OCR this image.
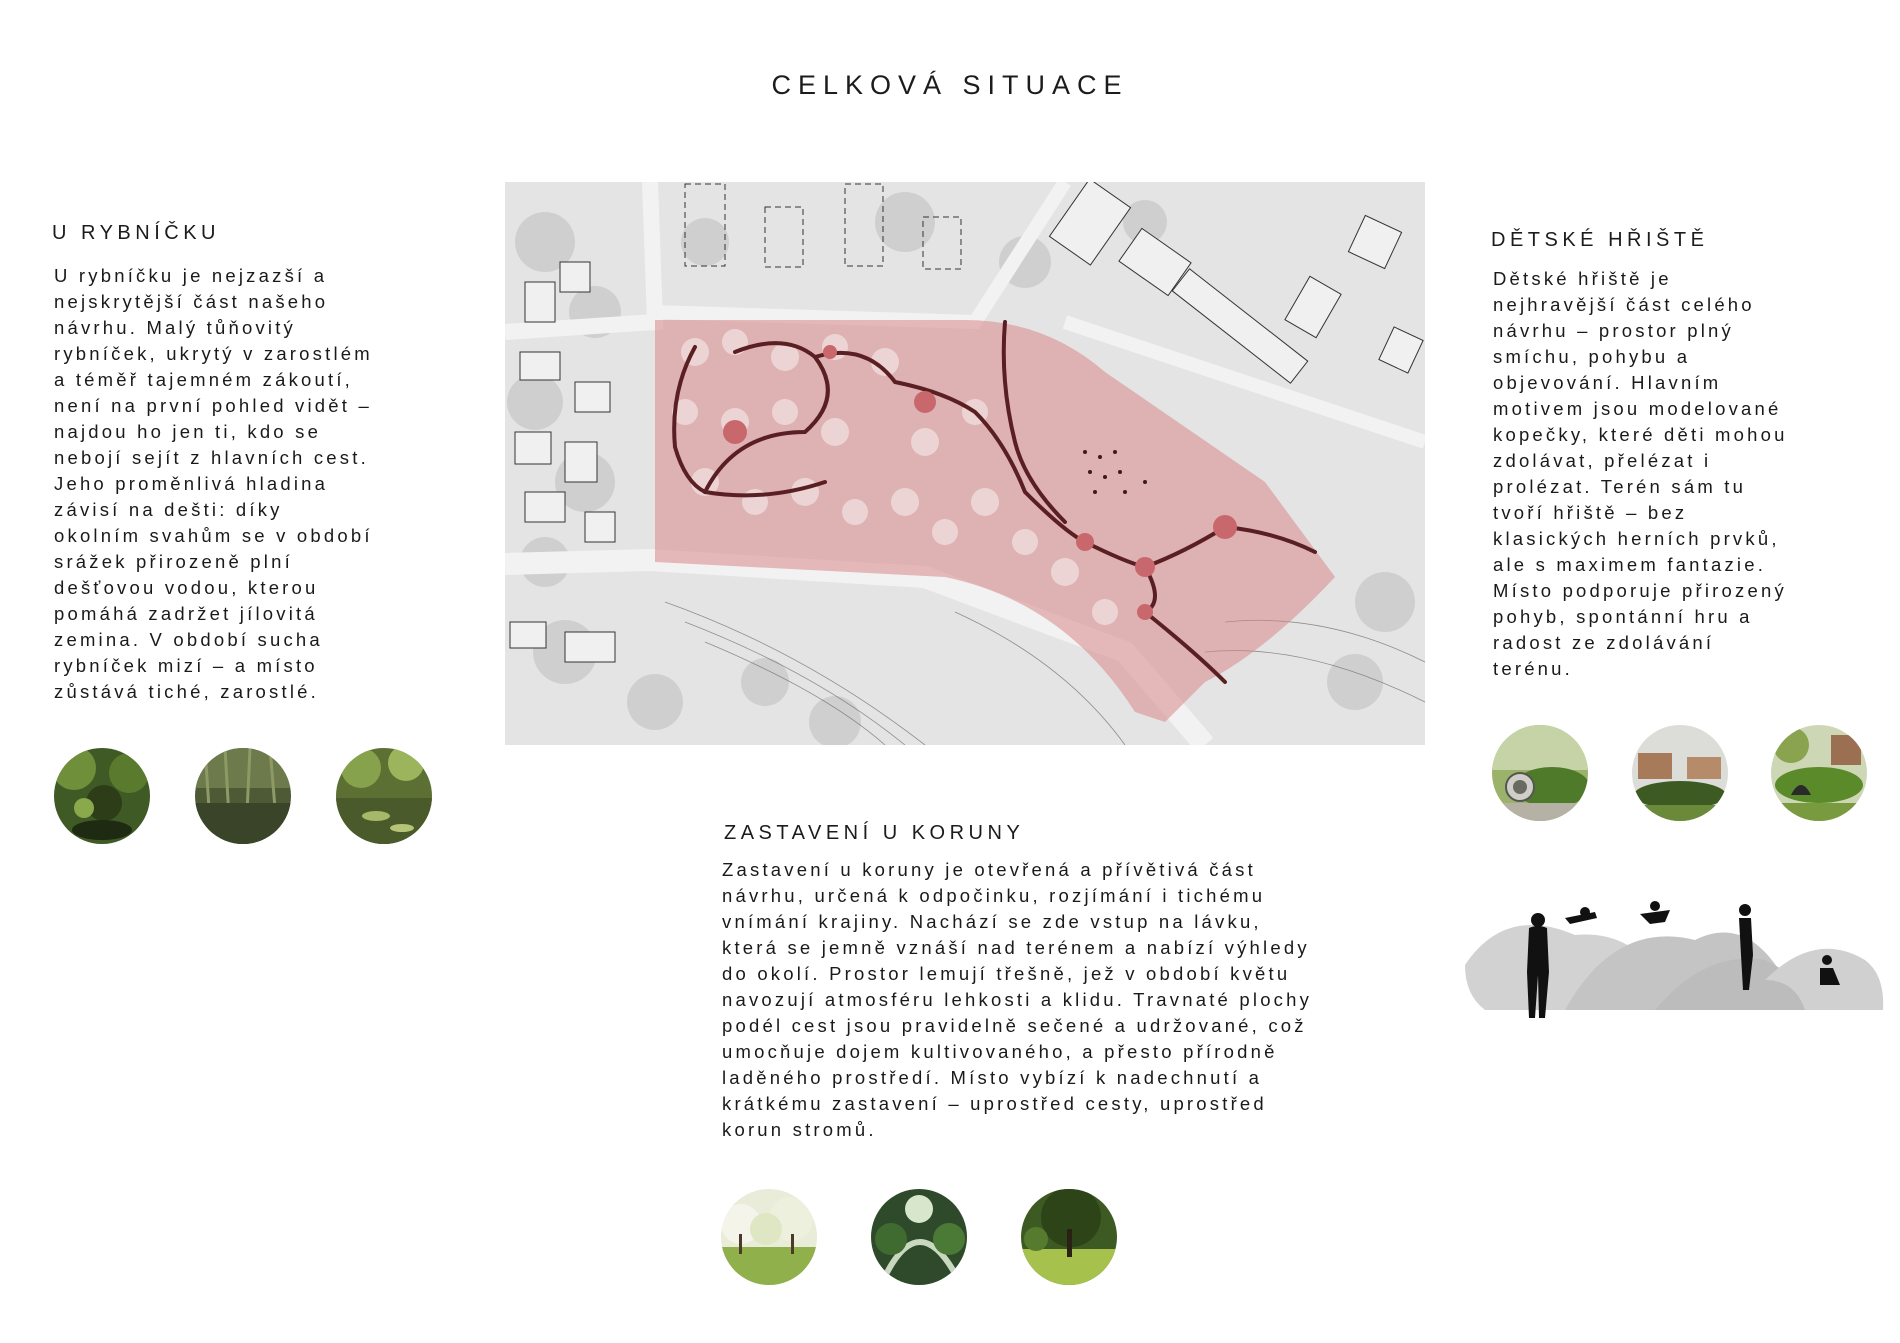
CELKOVÁ SITUACE
U RYBNÍČKU
U rybníčku je nejzazší a
nejskrytější část našeho
návrhu. Malý tůňovitý
rybníček, ukrytý v zarostlém
a téměř tajemném zákoutí,
není na první pohled vidět –
najdou ho jen ti, kdo se
nebojí sejít z hlavních cest.
Jeho proměnlivá hladina
závisí na dešti: díky
okolním svahům se v období
srážek přirozeně plní
dešťovou vodou, kterou
pomáhá zadržet jílovitá
zemina. V období sucha
rybníček mizí – a místo
zůstává tiché, zarostlé.
DĚTSKÉ HŘIŠTĚ
Dětské hřiště je
nejhravější část celého
návrhu – prostor plný
smíchu, pohybu a
objevování. Hlavním
motivem jsou modelované
kopečky, které děti mohou
zdolávat, přelézat i
prolézat. Terén sám tu
tvoří hřiště – bez
klasických herních prvků,
ale s maximem fantazie.
Místo podporuje přirozený
pohyb, spontánní hru a
radost ze zdolávání
terénu.
ZASTAVENÍ U KORUNY
Zastavení u koruny je otevřená a přívětivá část
návrhu, určená k odpočinku, rozjímání i tichému
vnímání krajiny. Nachází se zde vstup na lávku,
která se jemně vznáší nad terénem a nabízí výhledy
do okolí. Prostor lemují třešně, jež v období květu
navozují atmosféru lehkosti a klidu. Travnaté plochy
podél cest jsou pravidelně sečené a udržované, což
umocňuje dojem kultivovaného, a přesto přírodně
laděného prostředí. Místo vybízí k nadechnutí a
krátkému zastavení – uprostřed cesty, uprostřed
korun stromů.
